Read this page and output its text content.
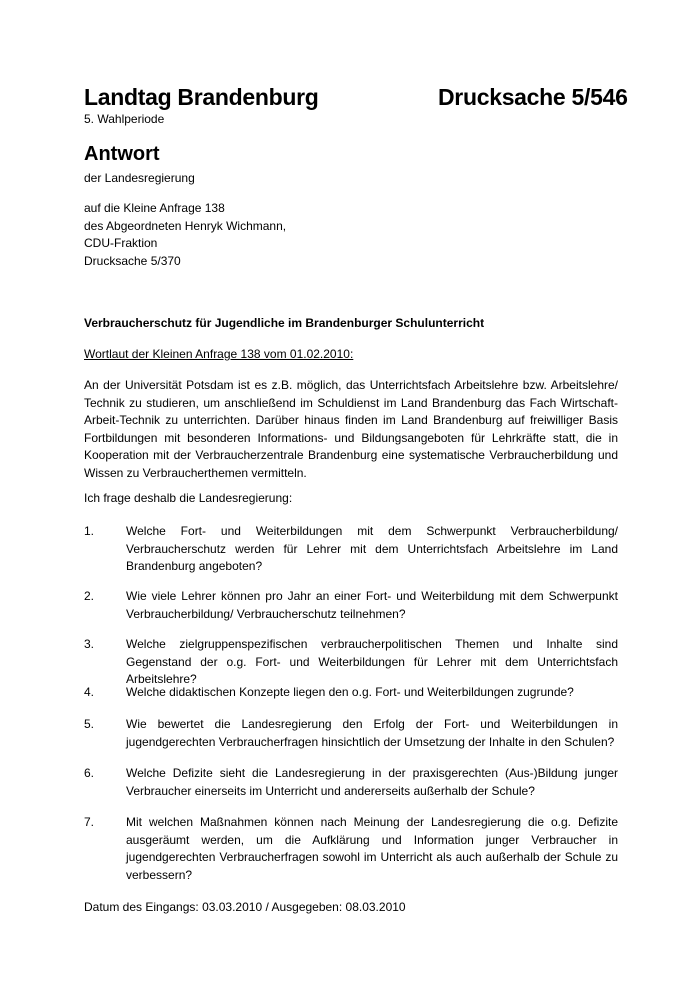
Landtag Brandenburg	Drucksache 5/546
5. Wahlperiode
Antwort
der Landesregierung
auf die Kleine Anfrage 138
des Abgeordneten Henryk Wichmann,
CDU-Fraktion
Drucksache 5/370
Verbraucherschutz für Jugendliche im Brandenburger Schulunterricht
Wortlaut der Kleinen Anfrage 138 vom 01.02.2010:
An der Universität Potsdam ist es z.B. möglich, das Unterrichtsfach Arbeitslehre bzw. Arbeitslehre/ Technik zu studieren, um anschließend im Schuldienst im Land Brandenburg das Fach Wirtschaft-Arbeit-Technik zu unterrichten. Darüber hinaus finden im Land Brandenburg auf freiwilliger Basis Fortbildungen mit besonderen Informations- und Bildungsangeboten für Lehrkräfte statt, die in Kooperation mit der Verbraucherzentrale Brandenburg eine systematische Verbraucherbildung und Wissen zu Verbraucherthemen vermitteln.
Ich frage deshalb die Landesregierung:
1.	Welche Fort- und Weiterbildungen mit dem Schwerpunkt Verbraucherbildung/ Verbraucherschutz werden für Lehrer mit dem Unterrichtsfach Arbeitslehre im Land Brandenburg angeboten?
2.	Wie viele Lehrer können pro Jahr an einer Fort- und Weiterbildung mit dem Schwerpunkt Verbraucherbildung/ Verbraucherschutz teilnehmen?
3.	Welche zielgruppenspezifischen verbraucherpolitischen Themen und Inhalte sind Gegenstand der o.g. Fort- und Weiterbildungen für Lehrer mit dem Unterrichtsfach Arbeitslehre?
4.	Welche didaktischen Konzepte liegen den o.g. Fort- und Weiterbildungen zugrunde?
5.	Wie bewertet die Landesregierung den Erfolg der Fort- und Weiterbildungen in jugendgerechten Verbraucherfragen hinsichtlich der Umsetzung der Inhalte in den Schulen?
6.	Welche Defizite sieht die Landesregierung in der praxisgerechten (Aus-)Bildung junger Verbraucher einerseits im Unterricht und andererseits außerhalb der Schule?
7.	Mit welchen Maßnahmen können nach Meinung der Landesregierung die o.g. Defizite ausgeräumt werden, um die Aufklärung und Information junger Verbraucher in jugendgerechten Verbraucherfragen sowohl im Unterricht als auch außerhalb der Schule zu verbessern?
Datum des Eingangs: 03.03.2010 / Ausgegeben: 08.03.2010
